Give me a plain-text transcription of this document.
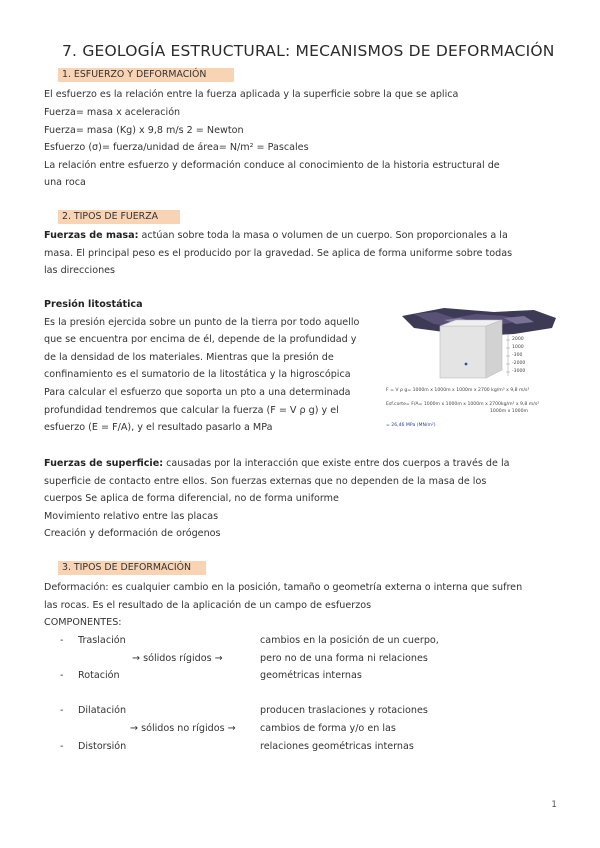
7. GEOLOGÍA ESTRUCTURAL: MECANISMOS DE DEFORMACIÓN
1. ESFUERZO Y DEFORMACIÓN
El esfuerzo es la relación entre la fuerza aplicada y la superficie sobre la que se aplica
Fuerza= masa x aceleración
Fuerza= masa (Kg) x 9,8 m/s 2 = Newton
Esfuerzo (σ)= fuerza/unidad de área= N/m² = Pascales
La relación entre esfuerzo y deformación conduce al conocimiento de la historia estructural de
una roca
2. TIPOS DE FUERZA
Fuerzas de masa: actúan sobre toda la masa o volumen de un cuerpo. Son proporcionales a la
masa. El principal peso es el producido por la gravedad. Se aplica de forma uniforme sobre todas
las direcciones
Presión litostática
Es la presión ejercida sobre un punto de la tierra por todo aquello
que se encuentra por encima de él, depende de la profundidad y
de la densidad de los materiales. Mientras que la presión de
confinamiento es el sumatorio de la litostática y la higroscópica
Para calcular el esfuerzo que soporta un pto a una determinada
profundidad tendremos que calcular la fuerza (F = V ρ g) y el
esfuerzo (E = F/A), y el resultado pasarlo a MPa
2000
1000
-300
-2000
-3000
F = V ρ g= 1000m x 1000m x 1000m x 2700 kg/m³ x 9,8 m/s²
Esf.corte= F/A= 1000m x 1000m x 1000m x 2700kg/m³ x 9,8 m/s²
1000m x 1000m
= 26,46 MPa (MN/m²)
Fuerzas de superficie: causadas por la interacción que existe entre dos cuerpos a través de la
superficie de contacto entre ellos. Son fuerzas externas que no dependen de la masa de los
cuerpos Se aplica de forma diferencial, no de forma uniforme
Movimiento relativo entre las placas
Creación y deformación de orógenos
3. TIPOS DE DEFORMACIÓN
Deformación: es cualquier cambio en la posición, tamaño o geometría externa o interna que sufren
las rocas. Es el resultado de la aplicación de un campo de esfuerzos
COMPONENTES:
- Traslación
→ sólidos rígidos →
- Rotación
cambios en la posición de un cuerpo,
pero no de una forma ni relaciones
geométricas internas
- Dilatación
→ sólidos no rígidos →
- Distorsión
producen traslaciones y rotaciones
cambios de forma y/o en las
relaciones geométricas internas
1
